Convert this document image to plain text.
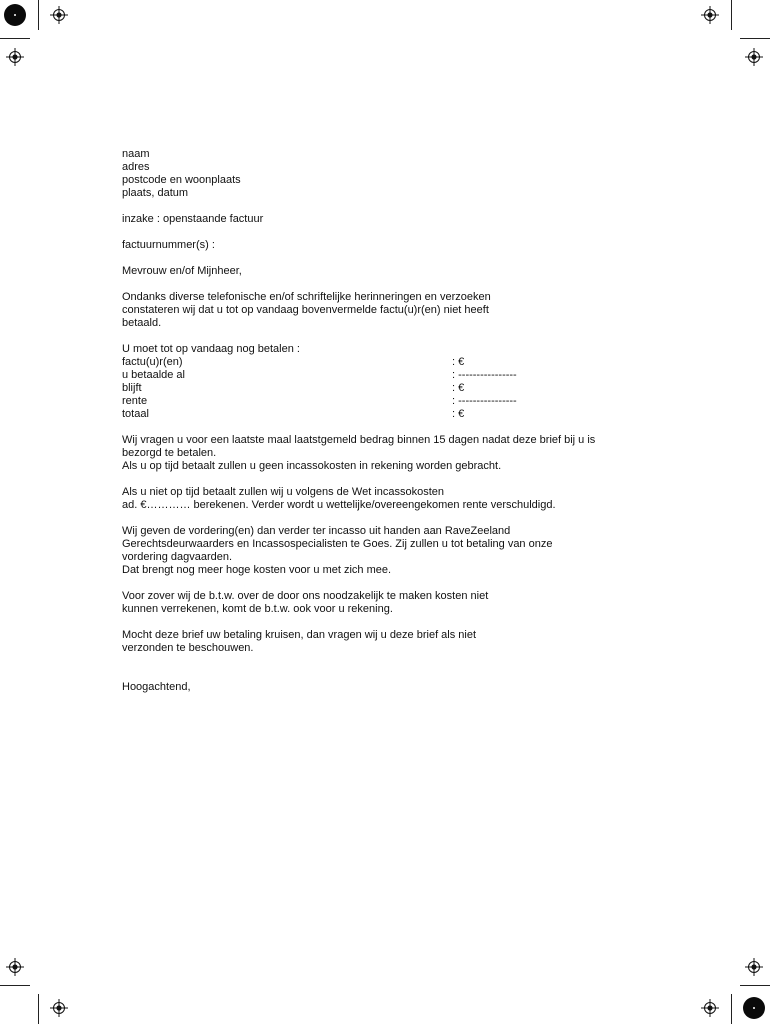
naam
adres
postcode en woonplaats
plaats, datum
inzake : openstaande factuur
factuurnummer(s) :
Mevrouw en/of Mijnheer,
Ondanks diverse telefonische en/of schriftelijke herinneringen en verzoeken
constateren wij dat u tot op vandaag bovenvermelde factu(u)r(en) niet heeft
betaald.
U moet tot op vandaag nog betalen :
factu(u)r(en)	: €
u betaalde al	: ----------------
blijft	: €
rente	: ----------------
totaal	: €
Wij vragen u voor een laatste maal laatstgemeld bedrag binnen 15 dagen nadat deze brief bij u is
bezorgd te betalen.
Als u op tijd betaalt zullen u geen incassokosten in rekening worden gebracht.
Als u niet op tijd betaalt zullen wij u volgens de Wet incassokosten
ad. €………… berekenen. Verder wordt u wettelijke/overeengekomen rente verschuldigd.
Wij geven de vordering(en) dan verder ter incasso uit handen aan RaveZeeland
Gerechtsdeurwaarders en Incassospecialisten te Goes. Zij zullen u tot betaling van onze
vordering dagvaarden.
Dat brengt nog meer hoge kosten voor u met zich mee.
Voor zover wij de b.t.w. over de door ons noodzakelijk te maken kosten niet
kunnen verrekenen, komt de b.t.w. ook voor u rekening.
Mocht deze brief uw betaling kruisen, dan vragen wij u deze brief als niet
verzonden te beschouwen.
Hoogachtend,
